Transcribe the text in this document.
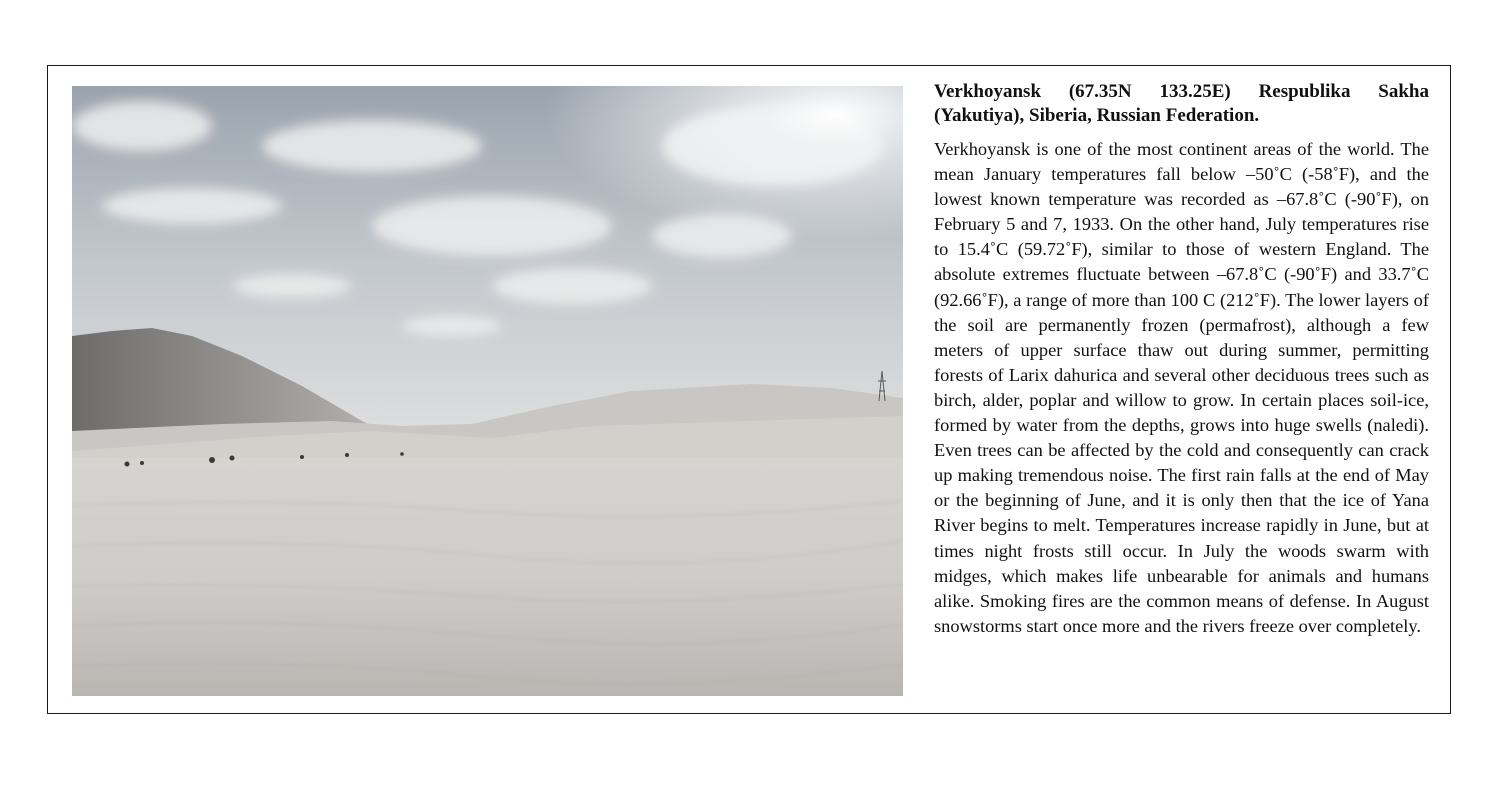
Verkhoyansk (67.35N 133.25E) Respublika Sakha (Yakutiya), Siberia, Russian Federation.

Verkhoyansk is one of the most continent areas of the world. The mean January temperatures fall below –50˚C (-58˚F), and the lowest known temperature was recorded as –67.8˚C (-90˚F), on February 5 and 7, 1933. On the other hand, July temperatures rise to 15.4˚C (59.72˚F), similar to those of western England. The absolute extremes fluctuate between –67.8˚C (-90˚F) and 33.7˚C (92.66˚F), a range of more than 100 C (212˚F). The lower layers of the soil are permanently frozen (permafrost), although a few meters of upper surface thaw out during summer, permitting forests of Larix dahurica and several other deciduous trees such as birch, alder, poplar and willow to grow. In certain places soil-ice, formed by water from the depths, grows into huge swells (naledi). Even trees can be affected by the cold and consequently can crack up making tremendous noise. The first rain falls at the end of May or the beginning of June, and it is only then that the ice of Yana River begins to melt. Temperatures increase rapidly in June, but at times night frosts still occur. In July the woods swarm with midges, which makes life unbearable for animals and humans alike. Smoking fires are the common means of defense. In August snowstorms start once more and the rivers freeze over completely.
